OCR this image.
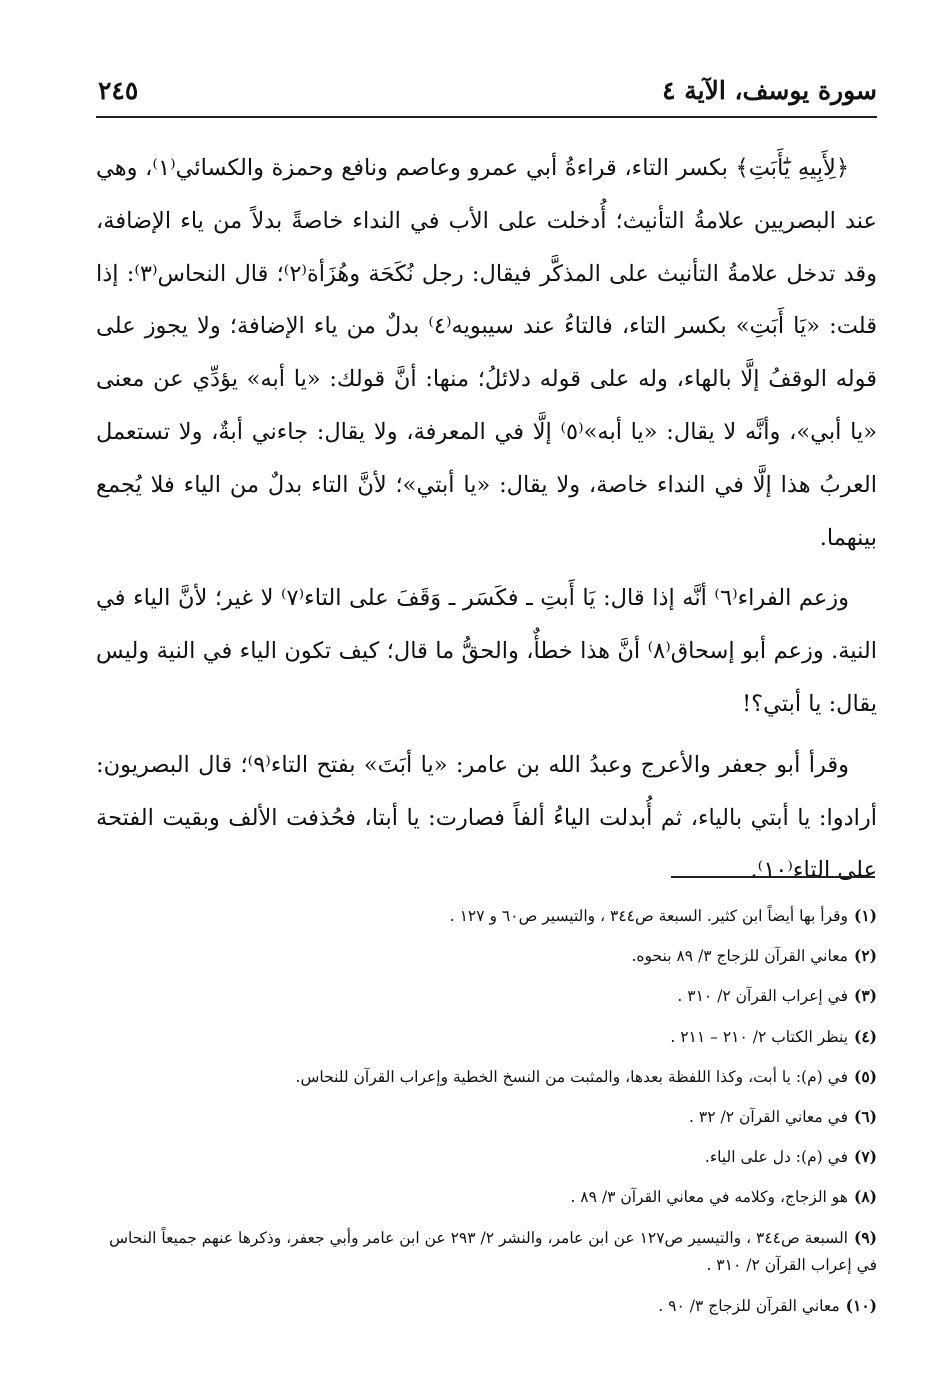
سورة يوسف، الآية ٤
٢٤٥

﴿لِأَبِيهِ يَٰٓأَبَتِ﴾ بكسر التاء، قراءةُ أبي عمرو وعاصم ونافع وحمزة والكسائي⁽١⁾، وهي عند البصريين علامةُ التأنيث؛ أُدخلت على الأب في النداء خاصةً بدلاً من ياء الإضافة، وقد تدخل علامةُ التأنيث على المذكَّر فيقال: رجل نُكَحَة وهُزَأة⁽٢⁾؛ قال النحاس⁽٣⁾: إذا قلت: «يَا أَبَتِ» بكسر التاء، فالتاءُ عند سيبويه⁽٤⁾ بدلٌ من ياء الإضافة؛ ولا يجوز على قوله الوقفُ إلَّا بالهاء، وله على قوله دلائلُ؛ منها: أنَّ قولك: «يا أبه» يؤدِّي عن معنى «يا أبي»، وأنَّه لا يقال: «يا أبه»⁽٥⁾ إلَّا في المعرفة، ولا يقال: جاءني أبةٌ، ولا تستعمل العربُ هذا إلَّا في النداء خاصة، ولا يقال: «يا أبتي»؛ لأنَّ التاء بدلٌ من الياء فلا يُجمع بينهما.

وزعم الفراء⁽٦⁾ أنَّه إذا قال: يَا أَبتِ ـ فكَسَر ـ وَقَفَ على التاء⁽٧⁾ لا غير؛ لأنَّ الياء في النية. وزعم أبو إسحاق⁽٨⁾ أنَّ هذا خطأٌ، والحقُّ ما قال؛ كيف تكون الياء في النية وليس يقال: يا أبتي؟!

وقرأ أبو جعفر والأعرج وعبدُ الله بن عامر: «يا أبَتَ» بفتح التاء⁽٩⁾؛ قال البصريون: أرادوا: يا أبتي بالياء، ثم أُبدلت الياءُ ألفاً فصارت: يا أبتا، فحُذفت الألف وبقيت الفتحة على التاء⁽١٠⁾.

(١)وقرأ بها أيضاً ابن كثير. السبعة ص٣٤٤ ، والتيسير ص٦٠ و ١٢٧ .

(٢)معاني القرآن للزجاج ٣/ ٨٩ بنحوه.

(٣)في إعراب القرآن ٢/ ٣١٠ .

(٤)ينظر الكتاب ٢/ ٢١٠ – ٢١١ .

(٥)في (م): يا أبت، وكذا اللفظة بعدها، والمثبت من النسخ الخطية وإعراب القرآن للنحاس.

(٦)في معاني القرآن ٢/ ٣٢ .

(٧)في (م): دل على الياء.

(٨)هو الزجاج، وكلامه في معاني القرآن ٣/ ٨٩ .

(٩)السبعة ص٣٤٤ ، والتيسير ص١٢٧ عن ابن عامر، والنشر ٢/ ٢٩٣ عن ابن عامر وأبي جعفر، وذكرها عنهم جميعاً النحاس في إعراب القرآن ٢/ ٣١٠ .

(١٠)معاني القرآن للزجاج ٣/ ٩٠ .
